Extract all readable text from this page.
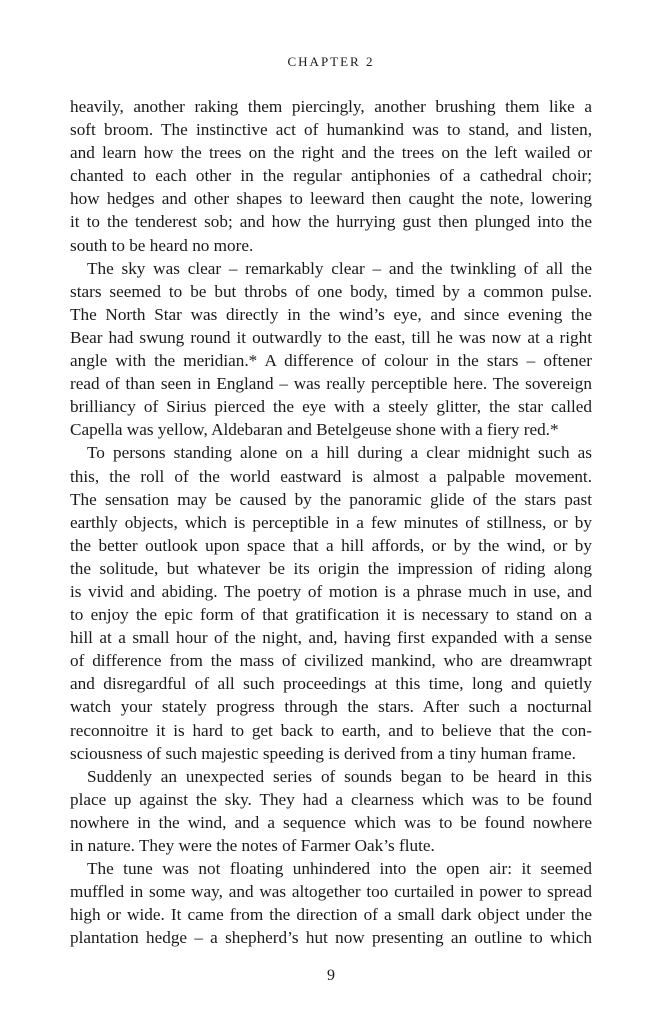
CHAPTER 2
heavily, another raking them piercingly, another brushing them like a
soft broom. The instinctive act of humankind was to stand, and listen,
and learn how the trees on the right and the trees on the left wailed or
chanted to each other in the regular antiphonies of a cathedral choir;
how hedges and other shapes to leeward then caught the note, lowering
it to the tenderest sob; and how the hurrying gust then plunged into the
south to be heard no more.
The sky was clear – remarkably clear – and the twinkling of all the
stars seemed to be but throbs of one body, timed by a common pulse.
The North Star was directly in the wind’s eye, and since evening the
Bear had swung round it outwardly to the east, till he was now at a right
angle with the meridian.* A difference of colour in the stars – oftener
read of than seen in England – was really perceptible here. The sovereign
brilliancy of Sirius pierced the eye with a steely glitter, the star called
Capella was yellow, Aldebaran and Betelgeuse shone with a fiery red.*
To persons standing alone on a hill during a clear midnight such as
this, the roll of the world eastward is almost a palpable movement.
The sensation may be caused by the panoramic glide of the stars past
earthly objects, which is perceptible in a few minutes of stillness, or by
the better outlook upon space that a hill affords, or by the wind, or by
the solitude, but whatever be its origin the impression of riding along
is vivid and abiding. The poetry of motion is a phrase much in use, and
to enjoy the epic form of that gratification it is necessary to stand on a
hill at a small hour of the night, and, having first expanded with a sense
of difference from the mass of civilized mankind, who are dreamwrapt
and disregardful of all such proceedings at this time, long and quietly
watch your stately progress through the stars. After such a nocturnal
reconnoitre it is hard to get back to earth, and to believe that the con-
sciousness of such majestic speeding is derived from a tiny human frame.
Suddenly an unexpected series of sounds began to be heard in this
place up against the sky. They had a clearness which was to be found
nowhere in the wind, and a sequence which was to be found nowhere
in nature. They were the notes of Farmer Oak’s flute.
The tune was not floating unhindered into the open air: it seemed
muffled in some way, and was altogether too curtailed in power to spread
high or wide. It came from the direction of a small dark object under the
plantation hedge – a shepherd’s hut now presenting an outline to which
9
